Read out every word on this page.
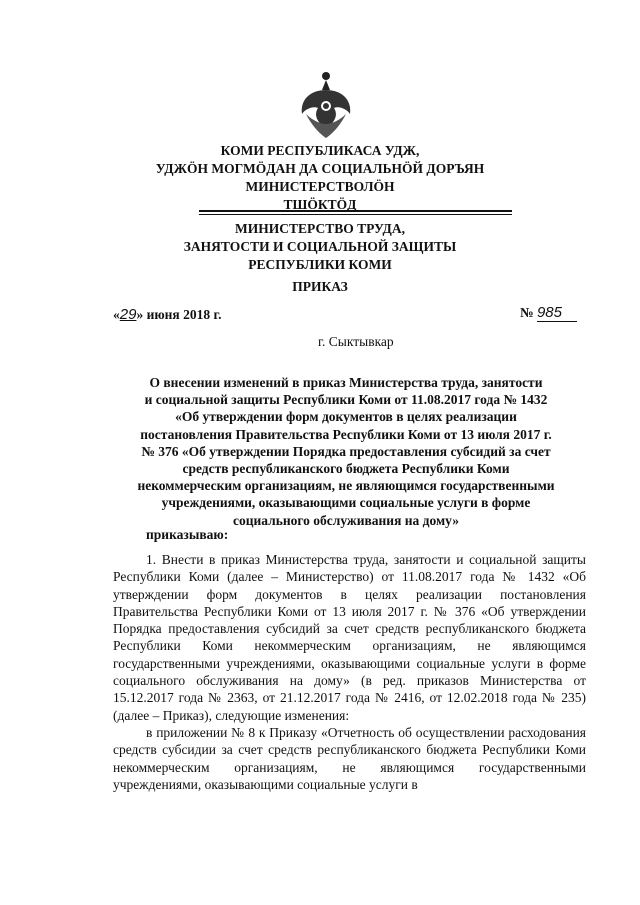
КОМИ РЕСПУБЛИКАСА УДЖ,
УДЖӦН МОГМӦДАН ДА СОЦИАЛЬНӦЙ ДОРЪЯН
МИНИСТЕРСТВОЛӦН
ТШӦКТӦД
МИНИСТЕРСТВО ТРУДА,
ЗАНЯТОСТИ И СОЦИАЛЬНОЙ ЗАЩИТЫ
РЕСПУБЛИКИ КОМИ
ПРИКАЗ
«29» июня 2018 г.	№ 985
г. Сыктывкар
О внесении изменений в приказ Министерства труда, занятости
и социальной защиты Республики Коми от 11.08.2017 года № 1432
«Об утверждении форм документов в целях реализации
постановления Правительства Республики Коми от 13 июля 2017 г.
№ 376 «Об утверждении Порядка предоставления субсидий за счет
средств республиканского бюджета Республики Коми
некоммерческим организациям, не являющимся государственными
учреждениями, оказывающими социальные услуги в форме
социального обслуживания на дому»
приказываю:

1. Внести в приказ Министерства труда, занятости и социальной защиты Республики Коми (далее – Министерство) от 11.08.2017 года № 1432 «Об утверждении форм документов в целях реализации постановления Правительства Республики Коми от 13 июля 2017 г. № 376 «Об утверждении Порядка предоставления субсидий за счет средств республиканского бюджета Республики Коми некоммерческим организациям, не являющимся государственными учреждениями, оказывающими социальные услуги в форме социального обслуживания на дому» (в ред. приказов Министерства от 15.12.2017 года № 2363, от 21.12.2017 года № 2416, от 12.02.2018 года № 235) (далее – Приказ), следующие изменения:

в приложении № 8 к Приказу «Отчетность об осуществлении расходования средств субсидии за счет средств республиканского бюджета Республики Коми некоммерческим организациям, не являющимся государственными учреждениями, оказывающими социальные услуги в
